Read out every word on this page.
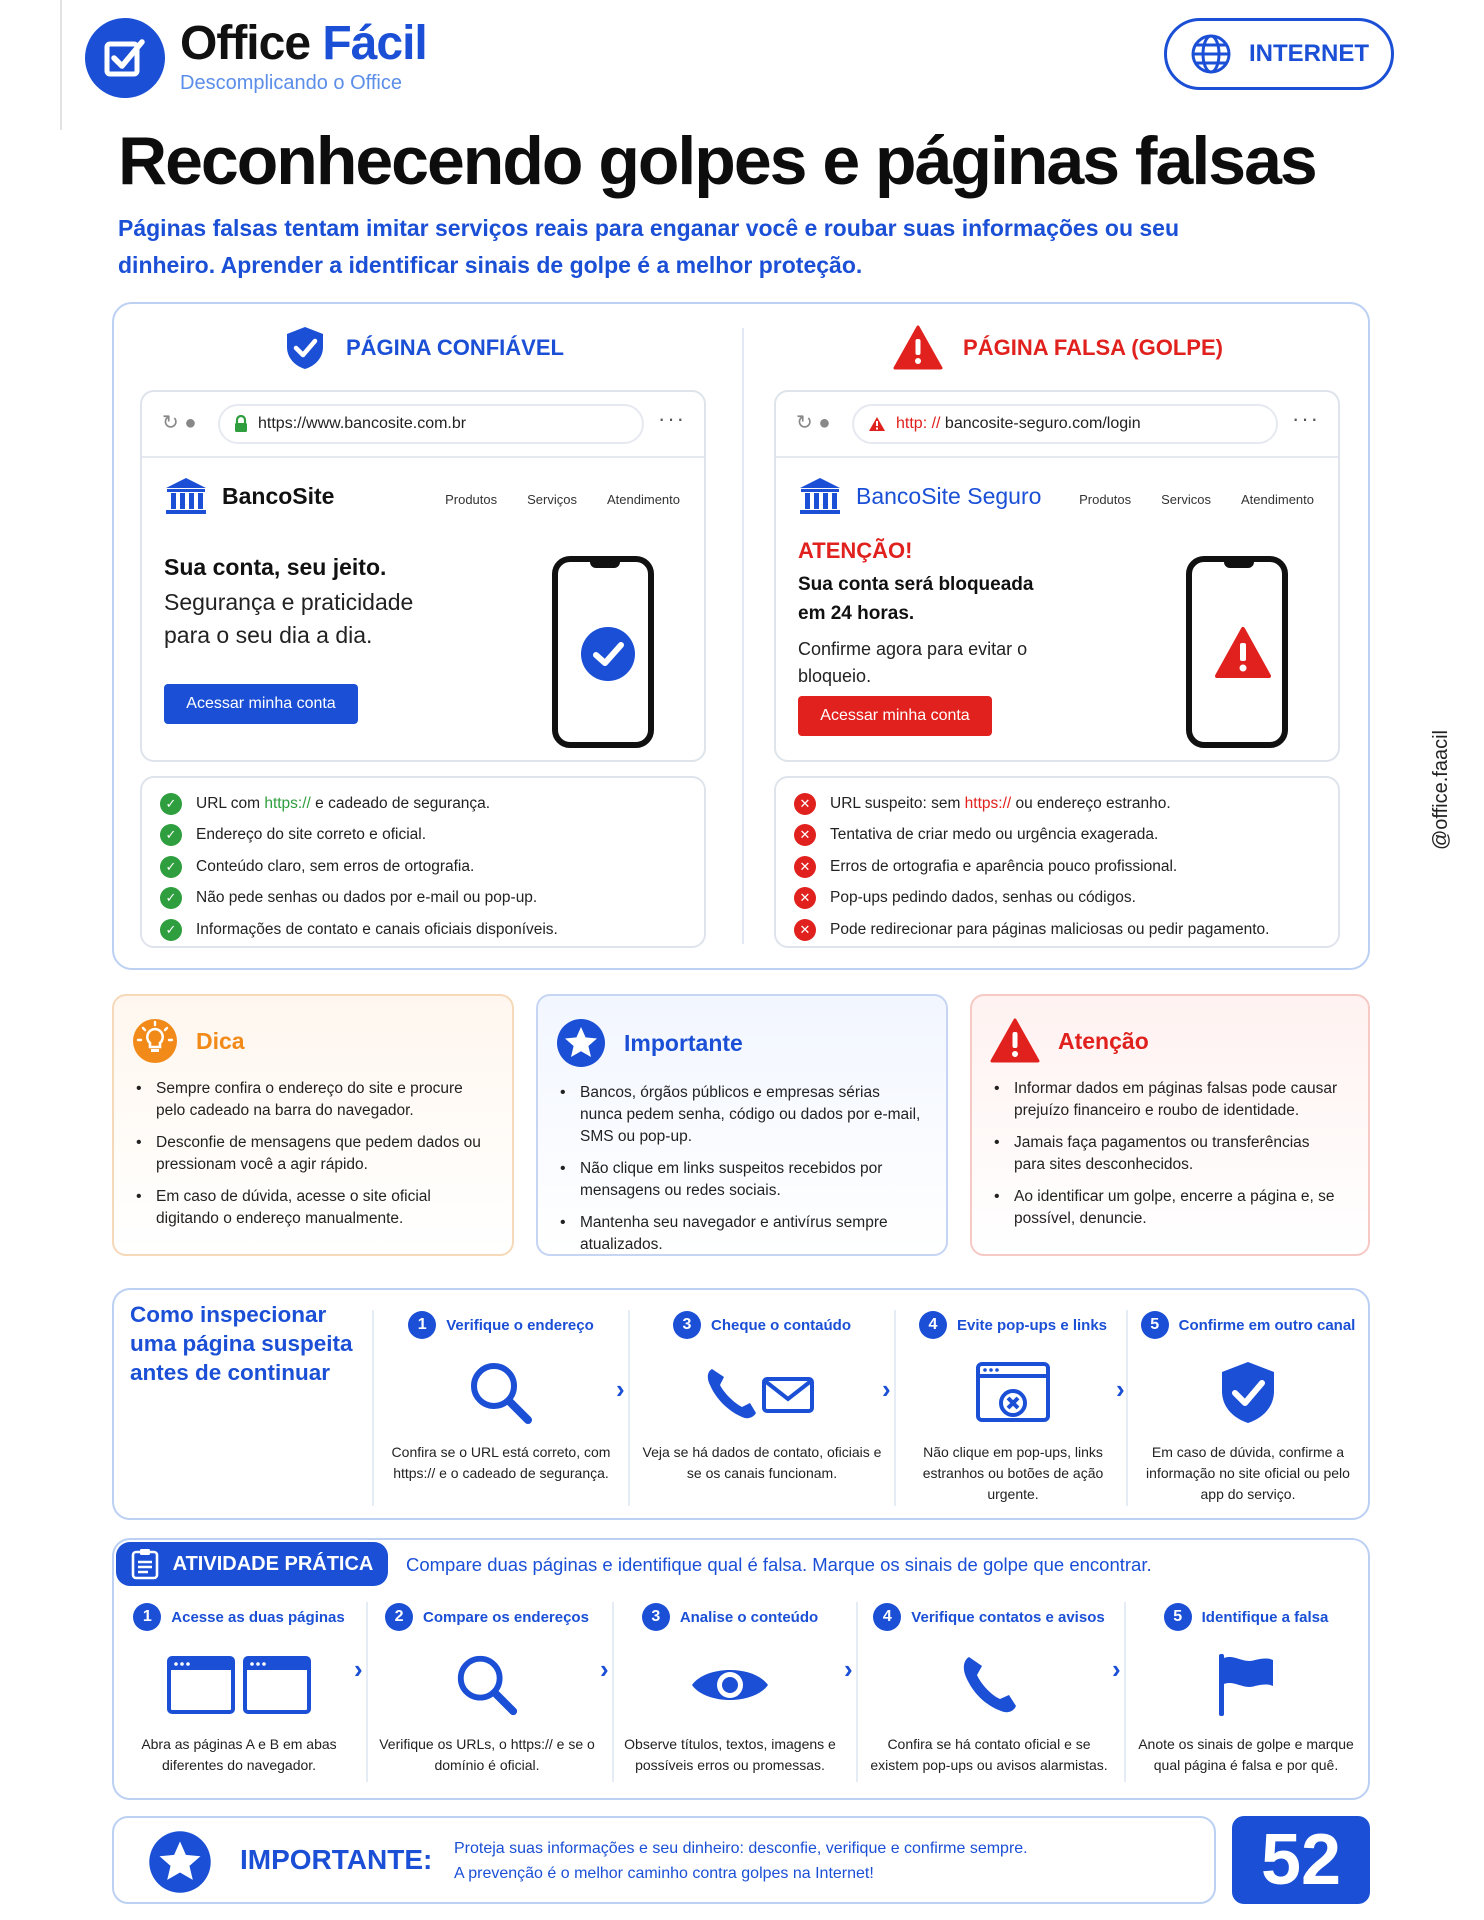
Office Fácil
Descomplicando o Office
INTERNET
Reconhecendo golpes e páginas falsas
Páginas falsas tentam imitar serviços reais para enganar você e roubar suas informações ou seu dinheiro. Aprender a identificar sinais de golpe é a melhor proteção.
PÁGINA CONFIÁVEL
↻ ●	https://www.bancosite.com.br	···
BancoSite	Produtos Serviços Atendimento
Sua conta, seu jeito.
Segurança e praticidade para o seu dia a dia.
Acessar minha conta
✓	URL com https:// e cadeado de segurança.
✓	Endereço do site correto e oficial.
✓	Conteúdo claro, sem erros de ortografia.
✓	Não pede senhas ou dados por e-mail ou pop-up.
✓	Informações de contato e canais oficiais disponíveis.
PÁGINA FALSA (GOLPE)
↻ ●	http: // bancosite-seguro.com/login	···
BancoSite Seguro	Produtos Servicos Atendimento
ATENÇÃO!
Sua conta será bloqueada em 24 horas.
Confirme agora para evitar o bloqueio.
Acessar minha conta
✕	URL suspeito: sem https:// ou endereço estranho.
✕	Tentativa de criar medo ou urgência exagerada.
✕	Erros de ortografia e aparência pouco profissional.
✕	Pop-ups pedindo dados, senhas ou códigos.
✕	Pode redirecionar para páginas maliciosas ou pedir pagamento.
Dica
• Sempre confira o endereço do site e procure pelo cadeado na barra do navegador.
• Desconfie de mensagens que pedem dados ou pressionam você a agir rápido.
• Em caso de dúvida, acesse o site oficial digitando o endereço manualmente.
Importante
• Bancos, órgãos públicos e empresas sérias nunca pedem senha, código ou dados por e-mail, SMS ou pop-up.
• Não clique em links suspeitos recebidos por mensagens ou redes sociais.
• Mantenha seu navegador e antivírus sempre atualizados.
Atenção
• Informar dados em páginas falsas pode causar prejuízo financeiro e roubo de identidade.
• Jamais faça pagamentos ou transferências para sites desconhecidos.
• Ao identificar um golpe, encerre a página e, se possível, denuncie.
Como inspecionar uma página suspeita antes de continuar
1	Verifique o endereço
Confira se o URL está correto, com https:// e o cadeado de segurança.
›
3	Cheque o contaúdo
Veja se há dados de contato, oficiais e se os canais funcionam.
›
4	Evite pop-ups e links
Não clique em pop-ups, links estranhos ou botões de ação urgente.
›
5	Confirme em outro canal
Em caso de dúvida, confirme a informação no site oficial ou pelo app do serviço.
ATIVIDADE PRÁTICA Compare duas páginas e identifique qual é falsa. Marque os sinais de golpe que encontrar.
1	Acesse as duas páginas
Abra as páginas A e B em abas diferentes do navegador.
›
2	Compare os endereços
Verifique os URLs, o https:// e se o domínio é oficial.
›
3	Analise o conteúdo
Observe títulos, textos, imagens e possíveis erros ou promessas.
›
4	Verifique contatos e avisos
Confira se há contato oficial e se existem pop-ups ou avisos alarmistas.
›
5	Identifique a falsa
Anote os sinais de golpe e marque qual página é falsa e por quê.
IMPORTANTE: Proteja suas informações e seu dinheiro: desconfie, verifique e confirme sempre.
A prevenção é o melhor caminho contra golpes na Internet!	52
@office.faacil
